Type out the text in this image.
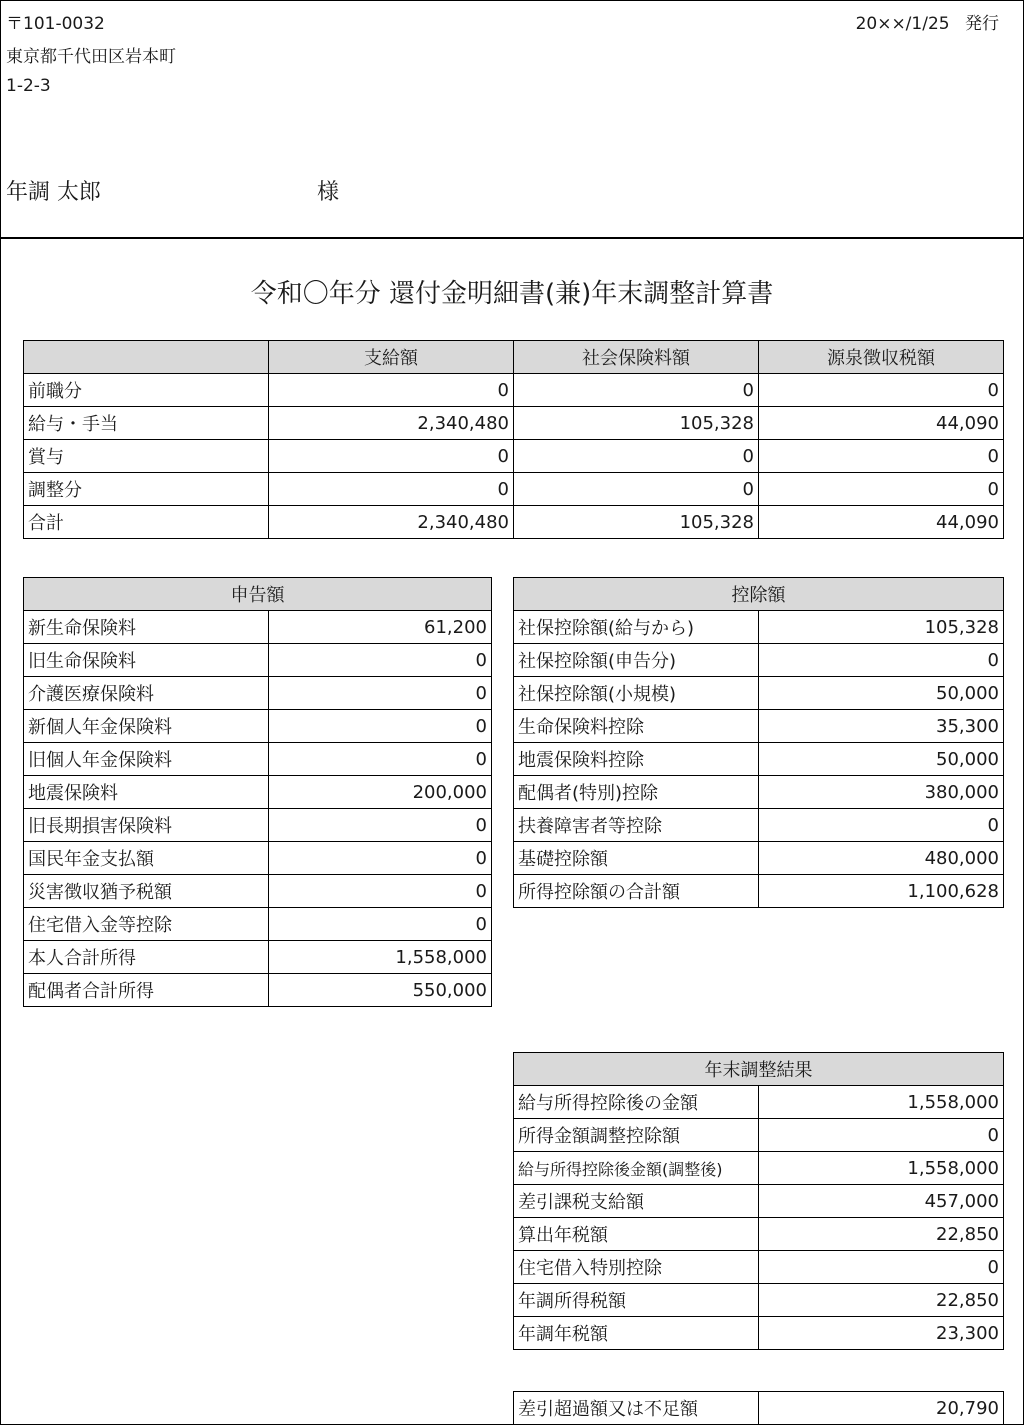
〒101-0032
東京都千代田区岩本町
1-2-3
20××/1/25 発行
年調 太郎	様
令和〇年分 還付金明細書(兼)年末調整計算書
	支給額	社会保険料額	源泉徴収税額
前職分	0	0	0
給与・手当	2,340,480	105,328	44,090
賞与	0	0	0
調整分	0	0	0
合計	2,340,480	105,328	44,090
申告額	
新生命保険料	61,200
旧生命保険料	0
介護医療保険料	0
新個人年金保険料	0
旧個人年金保険料	0
地震保険料	200,000
旧長期損害保険料	0
国民年金支払額	0
災害徴収猶予税額	0
住宅借入金等控除	0
本人合計所得	1,558,000
配偶者合計所得	550,000
控除額	
社保控除額(給与から)	105,328
社保控除額(申告分)	0
社保控除額(小規模)	50,000
生命保険料控除	35,300
地震保険料控除	50,000
配偶者(特別)控除	380,000
扶養障害者等控除	0
基礎控除額	480,000
所得控除額の合計額	1,100,628
年末調整結果	
給与所得控除後の金額	1,558,000
所得金額調整控除額	0
給与所得控除後金額(調整後)	1,558,000
差引課税支給額	457,000
算出年税額	22,850
住宅借入特別控除	0
年調所得税額	22,850
年調年税額	23,300
差引超過額又は不足額	20,790
